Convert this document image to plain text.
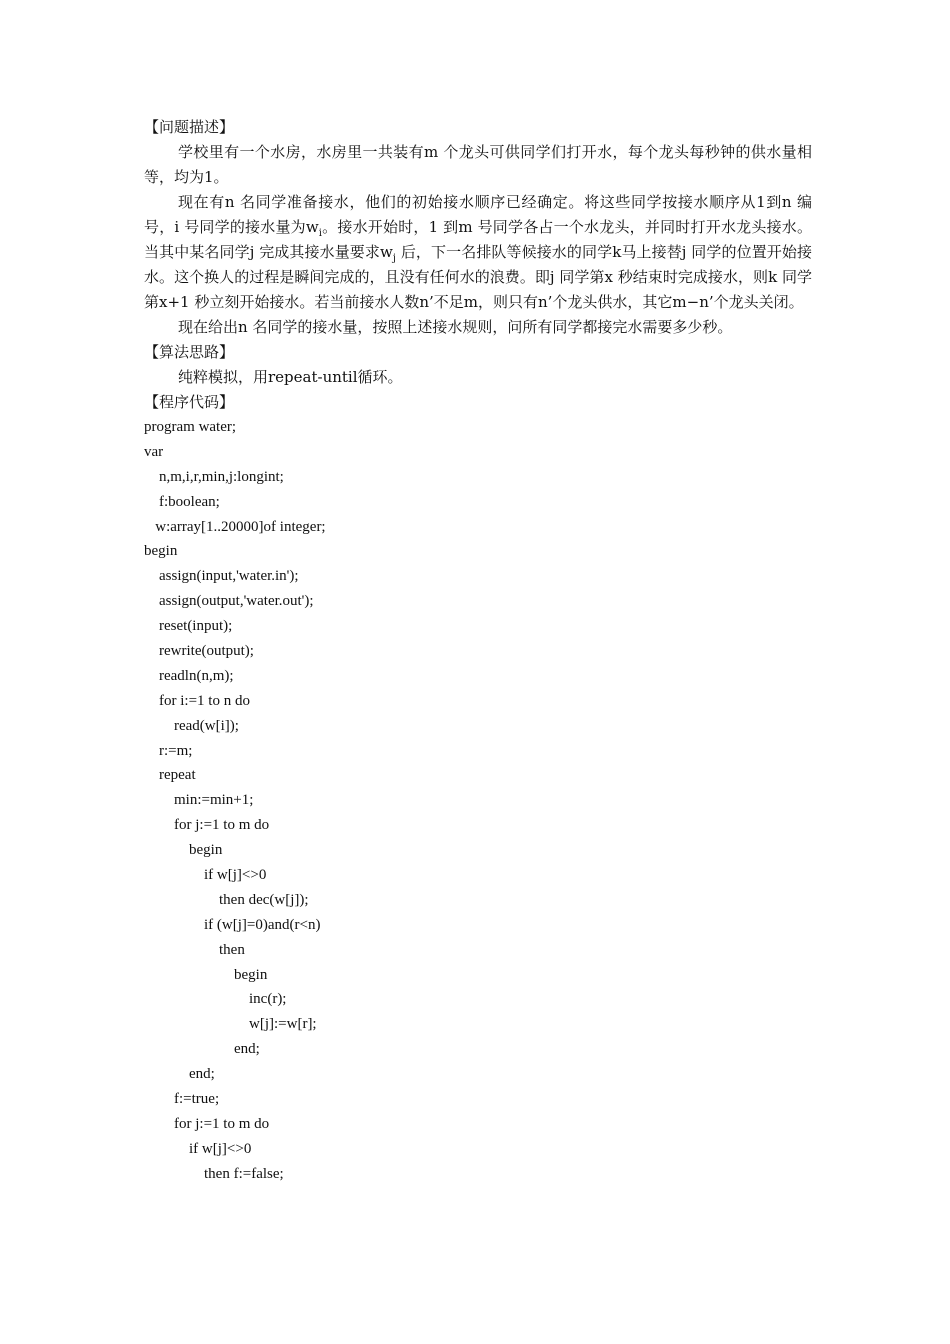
【问题描述】

学校里有一个水房，水房里一共装有m 个龙头可供同学们打开水，每个龙头每秒钟的供水量相等，均为1。

现在有n 名同学准备接水，他们的初始接水顺序已经确定。将这些同学按接水顺序从1到n 编号，i 号同学的接水量为$w_i$。接水开始时，1 到m 号同学各占一个水龙头，并同时打开水龙头接水。当其中某名同学j 完成其接水量要求$w_j$ 后，下一名排队等候接水的同学k马上接替j 同学的位置开始接水。这个换人的过程是瞬间完成的，且没有任何水的浪费。即j 同学第x 秒结束时完成接水，则k 同学第x+1 秒立刻开始接水。若当前接水人数n’不足m，则只有n’个龙头供水，其它m−n’个龙头关闭。

现在给出n 名同学的接水量，按照上述接水规则，问所有同学都接完水需要多少秒。

【算法思路】

纯粹模拟，用repeat-until循环。

【程序代码】
program water;
var
n,m,i,r,min,j:longint;
f:boolean;
w:array[1..20000]of integer;
begin
assign(input,'water.in');
assign(output,'water.out');
reset(input);
rewrite(output);
readln(n,m);
for i:=1 to n do
read(w[i]);
r:=m;
repeat
min:=min+1;
for j:=1 to m do
begin
if w[j]<>0
then dec(w[j]);
if (w[j]=0)and(r<n)
then
begin
inc(r);
w[j]:=w[r];
end;
end;
f:=true;
for j:=1 to m do
if w[j]<>0
then f:=false;
